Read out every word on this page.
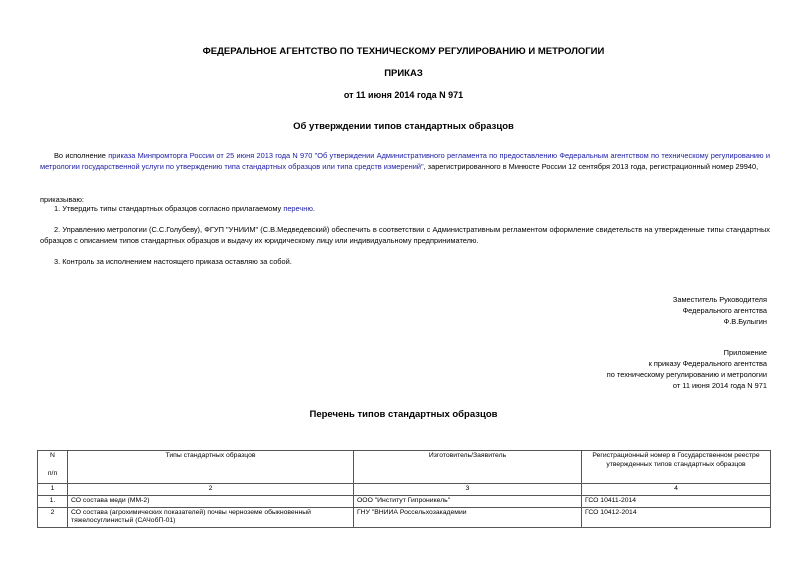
ФЕДЕРАЛЬНОЕ АГЕНТСТВО ПО ТЕХНИЧЕСКОМУ РЕГУЛИРОВАНИЮ И МЕТРОЛОГИИ
ПРИКАЗ
от 11 июня 2014 года N 971
Об утверждении типов стандартных образцов
Во исполнение приказа Минпромторга России от 25 июня 2013 года N 970 "Об утверждении Административного регламента по предоставлению Федеральным агентством по техническому регулированию и метрологии государственной услуги по утверждению типа стандартных образцов или типа средств измерений", зарегистрированного в Минюсте России 12 сентября 2013 года, регистрационный номер 29940,
приказываю:
1. Утвердить типы стандартных образцов согласно прилагаемому перечню.
2. Управлению метрологии (С.С.Голубеву), ФГУП "УНИИМ" (С.В.Медведевский) обеспечить в соответствии с Административным регламентом оформление свидетельств на утвержденные типы стандартных образцов с описанием типов стандартных образцов и выдачу их юридическому лицу или индивидуальному предпринимателю.
3. Контроль за исполнением настоящего приказа оставляю за собой.
Заместитель Руководителя
Федерального агентства
Ф.В.Булыгин
Приложение
к приказу Федерального агентства
по техническому регулированию и метрологии
от 11 июня 2014 года N 971
Перечень типов стандартных образцов
N
п/п	Типы стандартных образцов	Изготовитель/Заявитель	Регистрационный номер в Государственном реестре утвержденных типов стандартных образцов
1	2	3	4
1.	СО состава меди (ММ-2)	ООО "Институт Гипроникель"	ГСО 10411-2014
2	СО состава (агрохимических показателей) почвы черноземе обыкновенный тяжелосуглинистый (САЧобП-01)	ГНУ "ВНИИА Россельхозакадемии	ГСО 10412-2014
